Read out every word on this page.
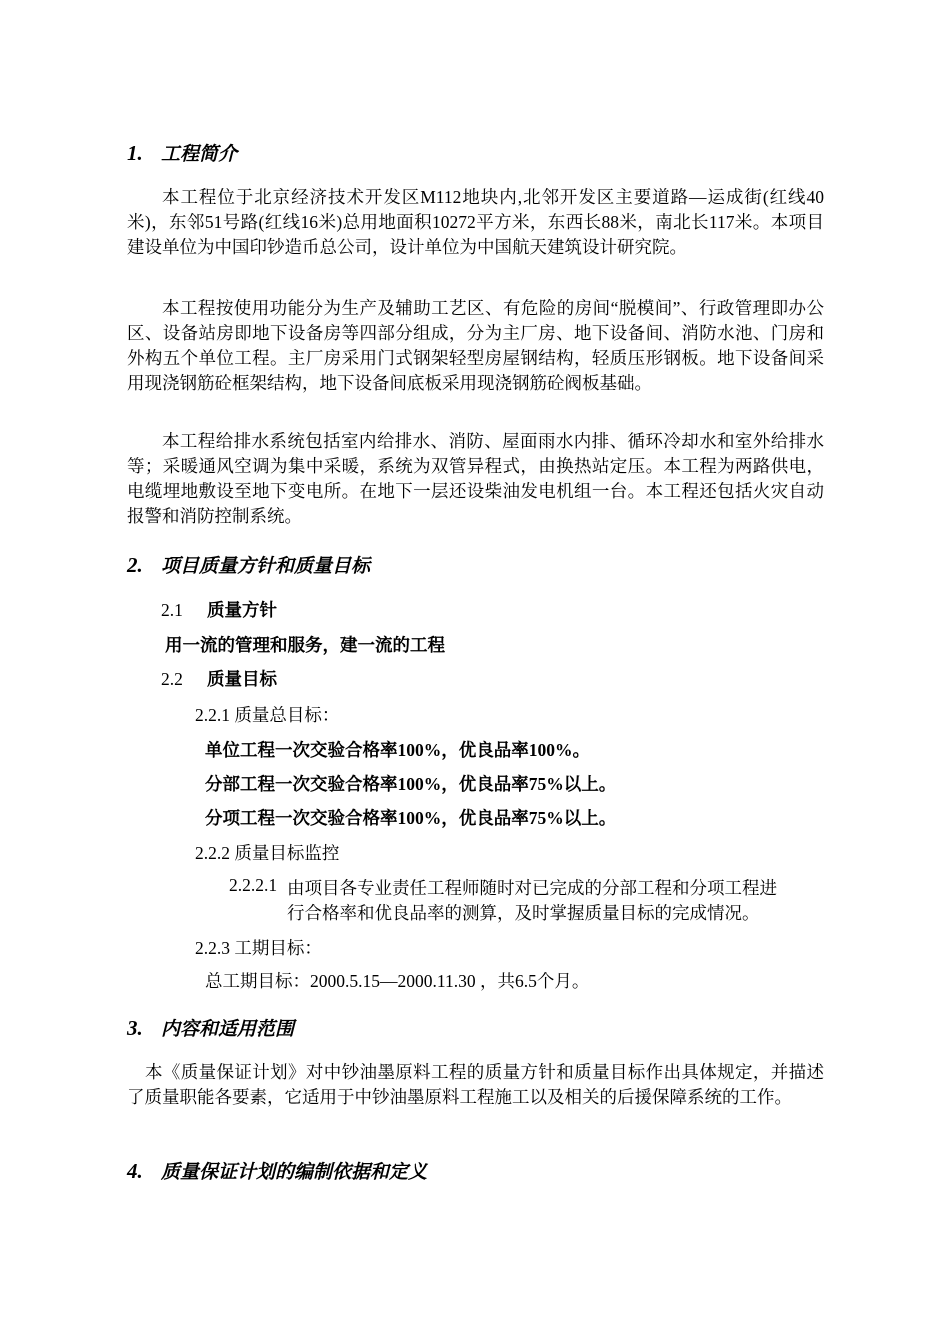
1. 工程简介
本工程位于北京经济技术开发区M112地块内,北邻开发区主要道路—运成街(红线40米)，东邻51号路(红线16米)总用地面积10272平方米，东西长88米，南北长117米。本项目建设单位为中国印钞造币总公司，设计单位为中国航天建筑设计研究院。
本工程按使用功能分为生产及辅助工艺区、有危险的房间“脱模间”、行政管理即办公区、设备站房即地下设备房等四部分组成，分为主厂房、地下设备间、消防水池、门房和外构五个单位工程。主厂房采用门式钢架轻型房屋钢结构，轻质压形钢板。地下设备间采用现浇钢筋砼框架结构，地下设备间底板采用现浇钢筋砼阀板基础。
本工程给排水系统包括室内给排水、消防、屋面雨水内排、循环冷却水和室外给排水等；采暖通风空调为集中采暖，系统为双管异程式，由换热站定压。本工程为两路供电，电缆埋地敷设至地下变电所。在地下一层还设柴油发电机组一台。本工程还包括火灾自动报警和消防控制系统。
2. 项目质量方针和质量目标
2.1 质量方针
用一流的管理和服务，建一流的工程
2.2 质量目标
2.2.1 质量总目标：
单位工程一次交验合格率100%，优良品率100%。
分部工程一次交验合格率100%，优良品率75%以上。
分项工程一次交验合格率100%，优良品率75%以上。
2.2.2 质量目标监控
2.2.2.1 由项目各专业责任工程师随时对已完成的分部工程和分项工程进
行合格率和优良品率的测算，及时掌握质量目标的完成情况。
2.2.3 工期目标：
总工期目标：2000.5.15—2000.11.30 ，共6.5个月。
3. 内容和适用范围
本《质量保证计划》对中钞油墨原料工程的质量方针和质量目标作出具体规定，并描述了质量职能各要素，它适用于中钞油墨原料工程施工以及相关的后援保障系统的工作。
4. 质量保证计划的编制依据和定义
